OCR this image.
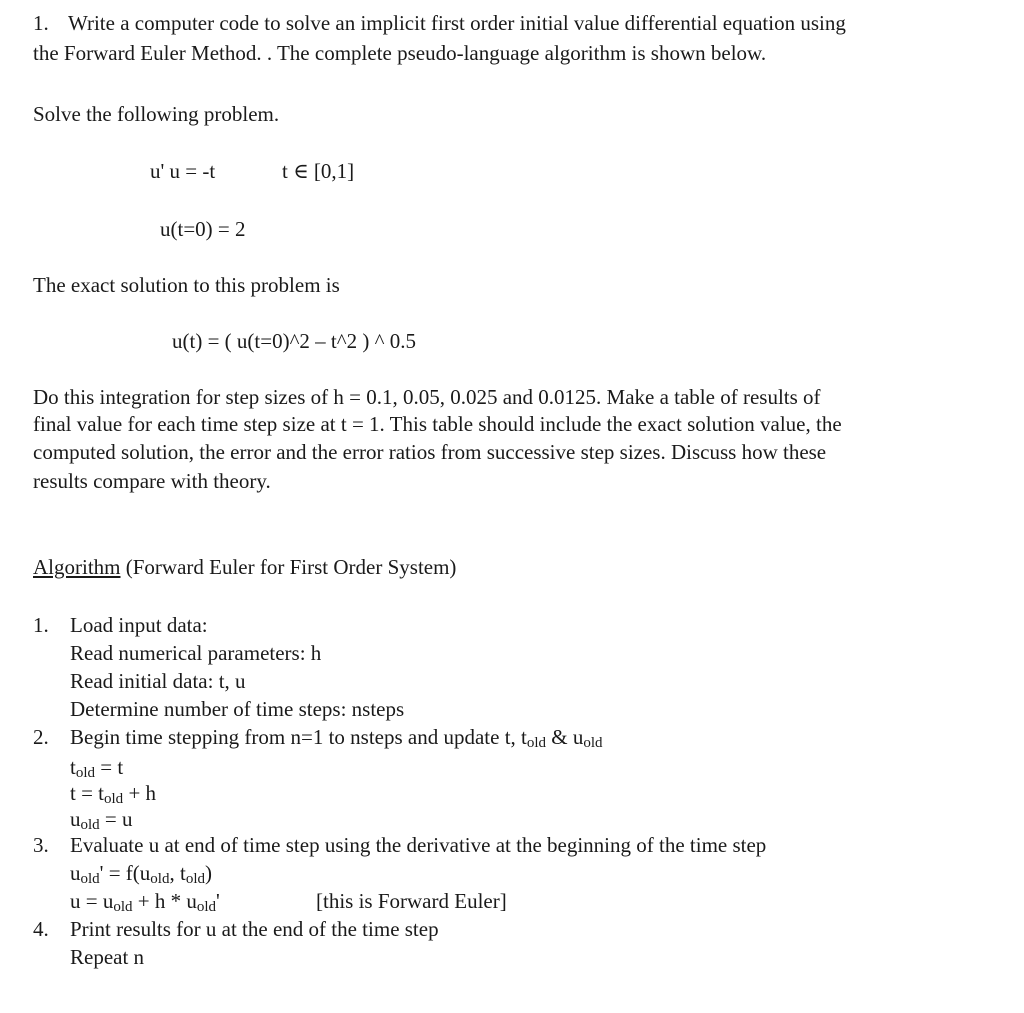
1. Write a computer code to solve an implicit first order initial value differential equation using
the Forward Euler Method. . The complete pseudo-language algorithm is shown below.
Solve the following problem.
u' u = -t	t ∈ [0,1]
u(t=0) = 2
The exact solution to this problem is
u(t) = ( u(t=0)^2 – t^2 ) ^ 0.5
Do this integration for step sizes of h = 0.1, 0.05, 0.025 and 0.0125. Make a table of results of
final value for each time step size at t = 1. This table should include the exact solution value, the
computed solution, the error and the error ratios from successive step sizes. Discuss how these
results compare with theory.
Algorithm (Forward Euler for First Order System)
1. Load input data:
Read numerical parameters: h
Read initial data: t, u
Determine number of time steps: nsteps
2. Begin time stepping from n=1 to nsteps and update t, $t_{old}$ & $u_{old}$
$t_{old} = t$
$t = t_{old} + h$
$u_{old} = u$
3. Evaluate u at end of time step using the derivative at the beginning of the time step
$u_{old}' = f(u_{old}$, $t_{old}$)
$u = u_{old} + h * u_{old}'$	[this is Forward Euler]
4. Print results for u at the end of the time step
Repeat n
